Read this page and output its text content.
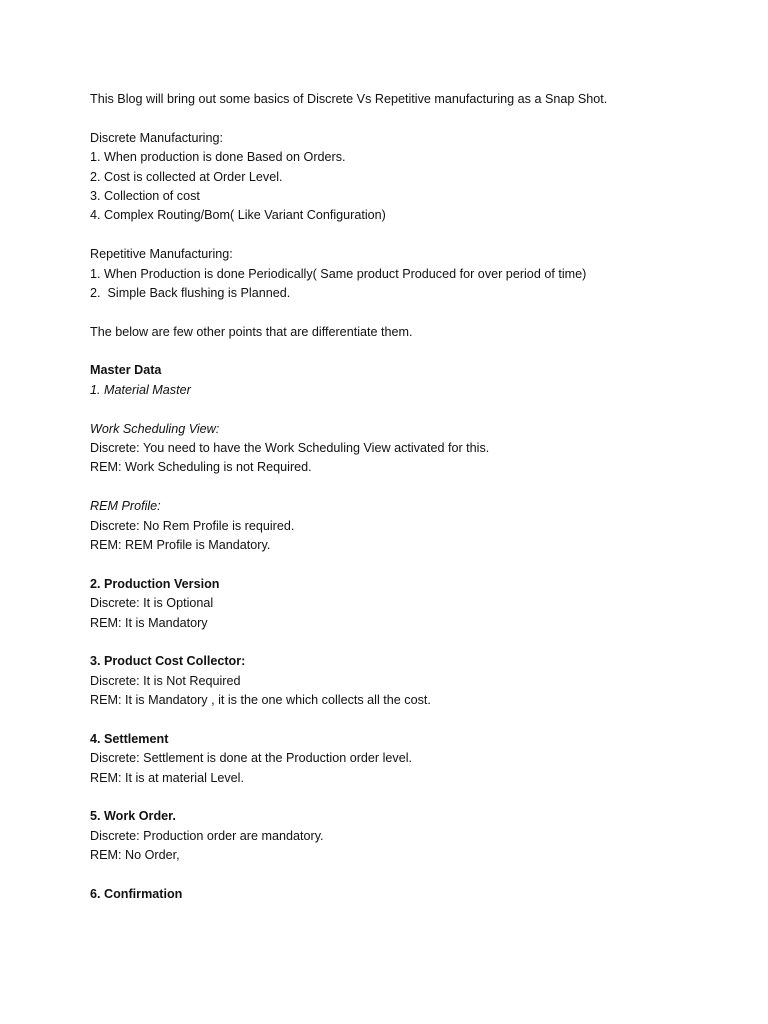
This Blog will bring out some basics of Discrete Vs Repetitive manufacturing as a Snap Shot.
Discrete Manufacturing:
1. When production is done Based on Orders.
2. Cost is collected at Order Level.
3. Collection of cost
4. Complex Routing/Bom( Like Variant Configuration)
Repetitive Manufacturing:
1. When Production is done Periodically( Same product Produced for over period of time)
2.  Simple Back flushing is Planned.
The below are few other points that are differentiate them.
Master Data
1. Material Master
Work Scheduling View:
Discrete: You need to have the Work Scheduling View activated for this.
REM: Work Scheduling is not Required.
REM Profile:
Discrete: No Rem Profile is required.
REM: REM Profile is Mandatory.
2. Production Version
Discrete: It is Optional
REM: It is Mandatory
3. Product Cost Collector:
Discrete: It is Not Required
REM: It is Mandatory , it is the one which collects all the cost.
4. Settlement
Discrete: Settlement is done at the Production order level.
REM: It is at material Level.
5. Work Order.
Discrete: Production order are mandatory.
REM: No Order,
6. Confirmation
